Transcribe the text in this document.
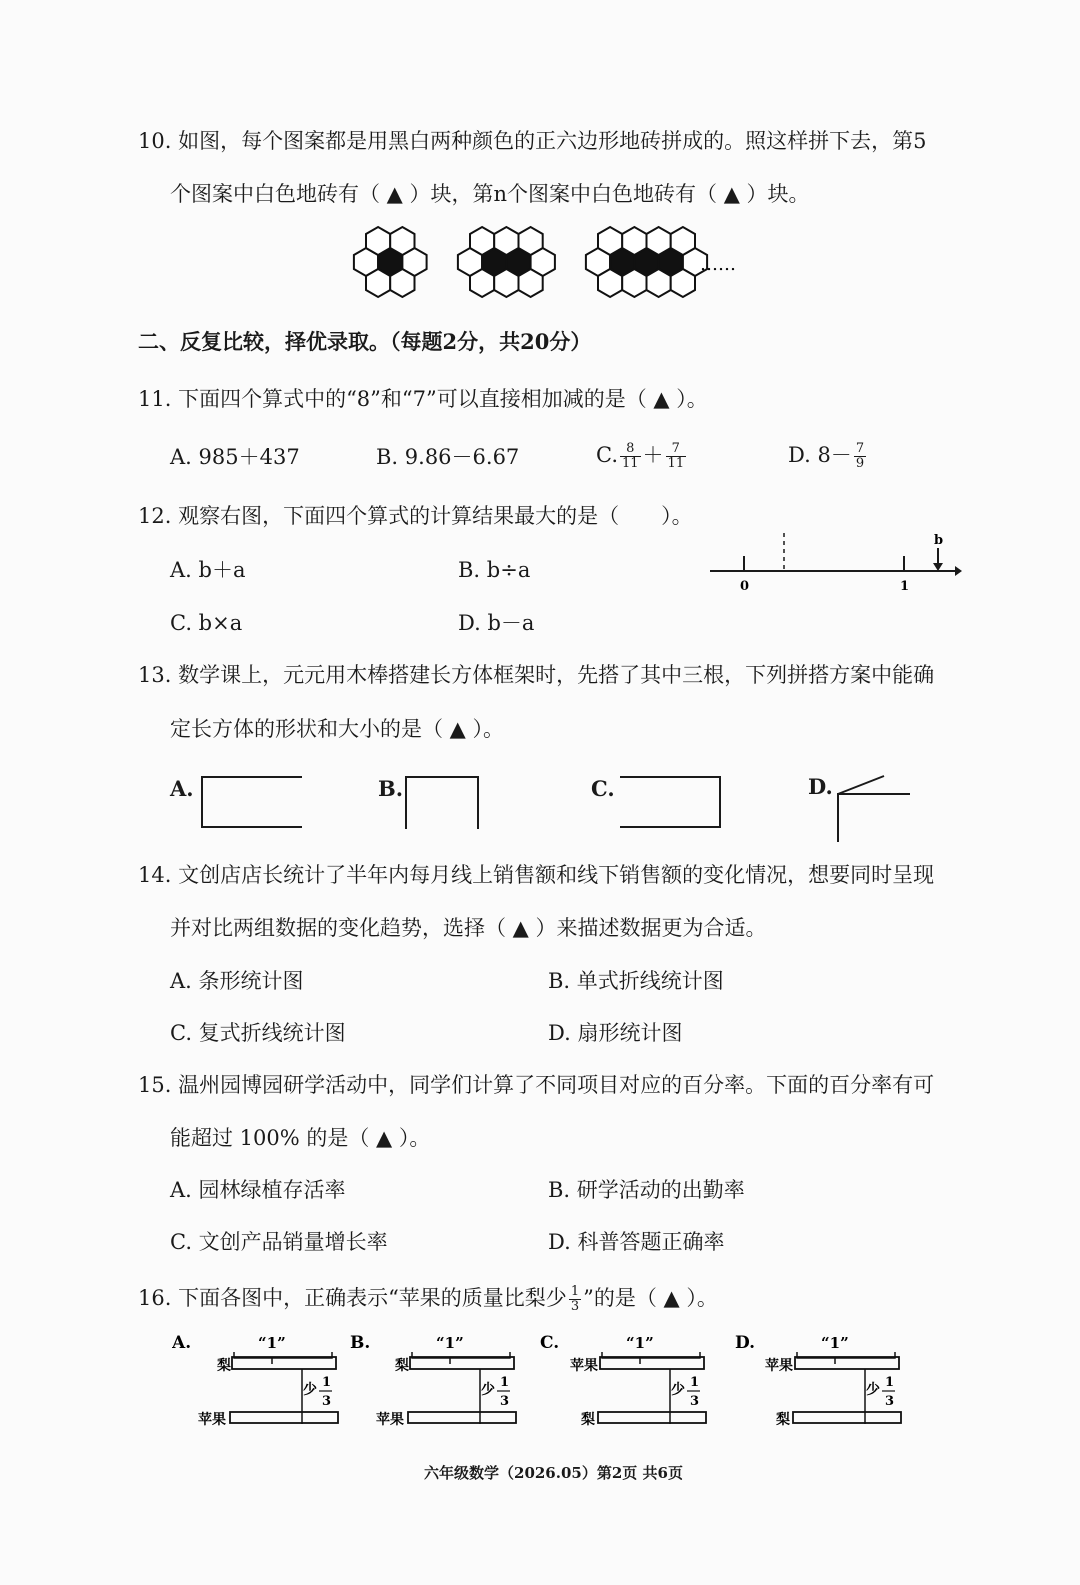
10. 如图，每个图案都是用黑白两种颜色的正六边形地砖拼成的。照这样拼下去，第5
个图案中白色地砖有（ ▲ ）块，第n个图案中白色地砖有（ ▲ ）块。
……
二、反复比较，择优录取。（每题2分，共20分）
11. 下面四个算式中的“8”和“7”可以直接相加减的是（ ▲ ）。
A. 985＋437	B. 9.86－6.67	C. $\frac{8}{11} + \frac{7}{11}$	D. $8- \frac{7}{9}$
12. 观察右图，下面四个算式的计算结果最大的是（　　）。
A. b＋a	B. b÷a
C. b×a	D. b－a
0	1
b
13. 数学课上，元元用木棒搭建长方体框架时，先搭了其中三根，下列拼搭方案中能确
定长方体的形状和大小的是（ ▲ ）。
A.	B.	C.	D.
14. 文创店店长统计了半年内每月线上销售额和线下销售额的变化情况，想要同时呈现
并对比两组数据的变化趋势，选择（ ▲ ）来描述数据更为合适。
A. 条形统计图	B. 单式折线统计图
C. 复式折线统计图	D. 扇形统计图
15. 温州园博园研学活动中，同学们计算了不同项目对应的百分率。下面的百分率有可
能超过 100% 的是（ ▲ ）。
A. 园林绿植存活率	B. 研学活动的出勤率
C. 文创产品销量增长率	D. 科普答题正确率
16. 下面各图中，正确表示“苹果的质量比梨少 $\frac{1}{3}$ ”的是（ ▲ ）。
A.	“1”
梨
苹果
少 1
3
B.	“1”
梨
苹果
少 1
3
C.	“1”
苹果
梨
少 1
3
D.	“1”
苹果
梨
少 1
3
六年级数学（2026.05）第2页 共6页
